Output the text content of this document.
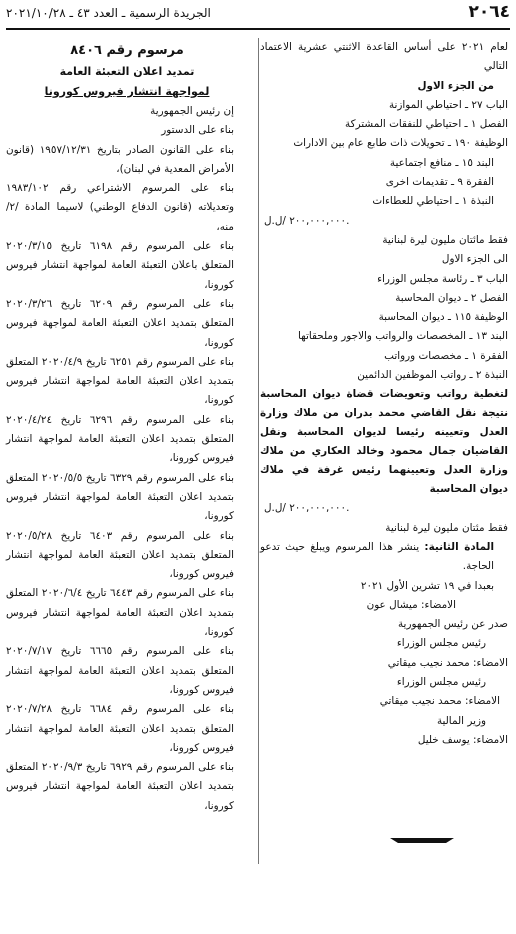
٢٠٦٤
الجريدة الرسمية ـ العدد ٤٣ ـ ٢٠٢١/١٠/٢٨

لعام ٢٠٢١ على أساس القاعدة الاثنتي عشرية الاعتماد التالي

من الجزء الاول
الباب ٢٧ ـ احتياطي الموازنة
الفصل ١ ـ احتياطي للنفقات المشتركة
الوظيفة ١٩٠ ـ تحويلات ذات طابع عام بين الادارات
البند ١٥ ـ منافع اجتماعية
الفقرة ٩ ـ تقديمات اخرى
النبذة ١ ـ احتياطي للعطاءات
٢٠٠,٠٠٠,٠٠٠ /ل.ل.
فقط مائتان مليون ليرة لبنانية
الى الجزء الاول
الباب ٣ ـ رئاسة مجلس الوزراء
الفصل ٢ ـ ديوان المحاسبة
الوظيفة ١١٥ ـ ديوان المحاسبة
البند ١٣ ـ المخصصات والرواتب والاجور وملحقاتها
الفقرة ١ ـ مخصصات ورواتب
النبذة ٢ ـ رواتب الموظفين الدائمين
لتغطية رواتب وتعويضات قضاة ديوان المحاسبة نتيجة نقل القاضي محمد بدران من ملاك وزارة العدل وتعيينه رئيسا لديوان المحاسبة ونقل القاضيان جمال محمود وخالد العكاري من ملاك وزارة العدل وتعيينهما رئيس غرفة في ملاك ديوان المحاسبة
٢٠٠,٠٠٠,٠٠٠ /ل.ل.
فقط مئتان مليون ليرة لبنانية

المادة الثانية: ينشر هذا المرسوم ويبلغ حيث تدعو الحاجة.

بعبدا في ١٩ تشرين الأول ٢٠٢١
الامضاء: ميشال عون
صدر عن رئيس الجمهورية
رئيس مجلس الوزراء
الامضاء: محمد نجيب ميقاتي
رئيس مجلس الوزراء
الامضاء: محمد نجيب ميقاتي
وزير المالية
الامضاء: يوسف خليل
مرسوم رقم ٨٤٠٦
تمديد اعلان التعبئة العامة
لمواجهة انتشار فيروس كورونا
إن رئيس الجمهورية
بناء على الدستور

بناء على القانون الصادر بتاريخ ١٩٥٧/١٢/٣١ (قانون الأمراض المعدية في لبنان)،

بناء على المرسوم الاشتراعي رقم ١٩٨٣/١٠٢ وتعديلاته (قانون الدفاع الوطني) لاسيما المادة /٢/ منه،

بناء على المرسوم رقم ٦١٩٨ تاريخ ٢٠٢٠/٣/١٥ المتعلق باعلان التعبئة العامة لمواجهة انتشار فيروس كورونا،

بناء على المرسوم رقم ٦٢٠٩ تاريخ ٢٠٢٠/٣/٢٦ المتعلق بتمديد اعلان التعبئة العامة لمواجهة فيروس كورونا،

بناء على المرسوم رقم ٦٢٥١ تاريخ ٢٠٢٠/٤/٩ المتعلق بتمديد اعلان التعبئة العامة لمواجهة انتشار فيروس كورونا،

بناء على المرسوم رقم ٦٢٩٦ تاريخ ٢٠٢٠/٤/٢٤ المتعلق بتمديد اعلان التعبئة العامة لمواجهة انتشار فيروس كورونا،

بناء على المرسوم رقم ٦٣٢٩ تاريخ ٢٠٢٠/٥/٥ المتعلق بتمديد اعلان التعبئة العامة لمواجهة انتشار فيروس كورونا،

بناء على المرسوم رقم ٦٤٠٣ تاريخ ٢٠٢٠/٥/٢٨ المتعلق بتمديد اعلان التعبئة العامة لمواجهة انتشار فيروس كورونا،

بناء على المرسوم رقم ٦٤٤٣ تاريخ ٢٠٢٠/٦/٤ المتعلق بتمديد اعلان التعبئة العامة لمواجهة انتشار فيروس كورونا،

بناء على المرسوم رقم ٦٦٦٥ تاريخ ٢٠٢٠/٧/١٧ المتعلق بتمديد اعلان التعبئة العامة لمواجهة انتشار فيروس كورونا،

بناء على المرسوم رقم ٦٦٨٤ تاريخ ٢٠٢٠/٧/٢٨ المتعلق بتمديد اعلان التعبئة العامة لمواجهة انتشار فيروس كورونا،

بناء على المرسوم رقم ٦٩٢٩ تاريخ ٢٠٢٠/٩/٣ المتعلق بتمديد اعلان التعبئة العامة لمواجهة انتشار فيروس كورونا،
